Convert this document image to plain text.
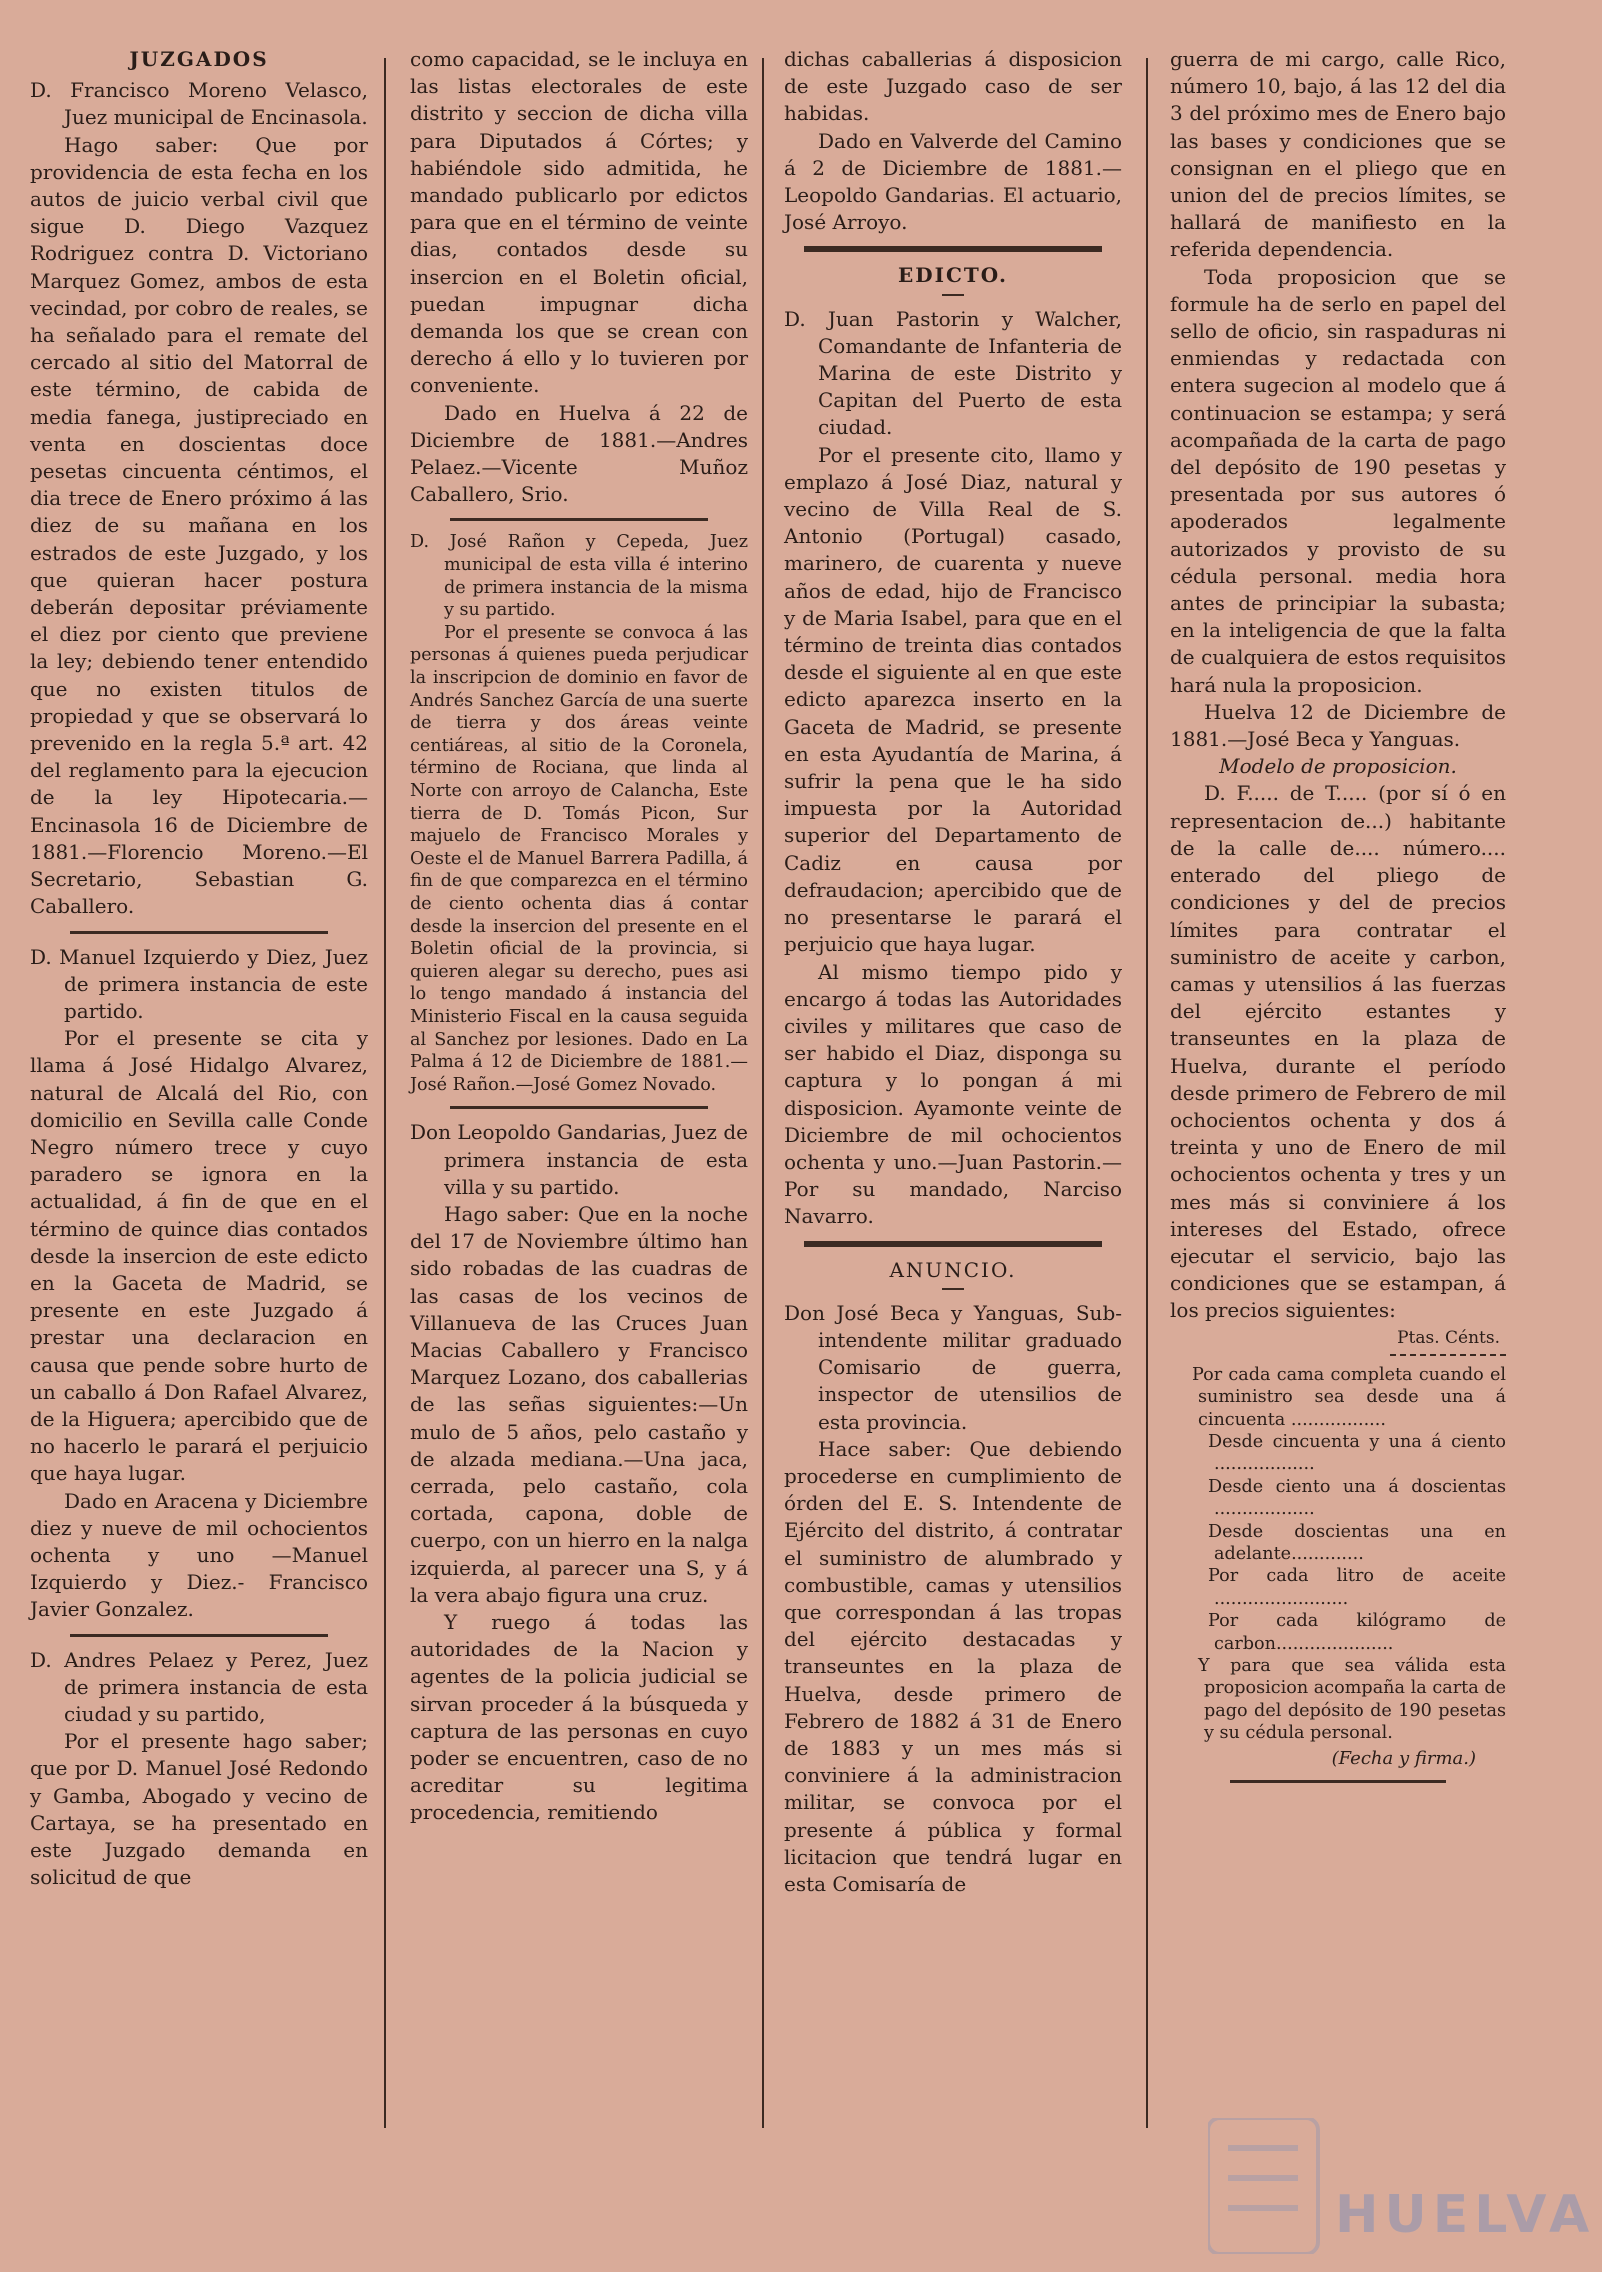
JUZGADOS

D. Francisco Moreno Velasco, Juez municipal de Encinasola.

Hago saber: Que por providencia de esta fecha en los autos de juicio verbal civil que sigue D. Diego Vazquez Rodriguez contra D. Victoriano Marquez Gomez, ambos de esta vecindad, por cobro de reales, se ha señalado para el remate del cercado al sitio del Matorral de este término, de cabida de media fanega, justipreciado en venta en doscientas doce pesetas cincuenta céntimos, el dia trece de Enero próximo á las diez de su mañana en los estrados de este Juzgado, y los que quieran hacer postura deberán depositar préviamente el diez por ciento que previene la ley; debiendo tener entendido que no existen titulos de propiedad y que se observará lo prevenido en la regla 5.ª art. 42 del reglamento para la ejecucion de la ley Hipotecaria.—Encinasola 16 de Diciembre de 1881.—Florencio Moreno.—El Secretario, Sebastian G. Caballero.

D. Manuel Izquierdo y Diez, Juez de primera instancia de este partido.

Por el presente se cita y llama á José Hidalgo Alvarez, natural de Alcalá del Rio, con domicilio en Sevilla calle Conde Negro número trece y cuyo paradero se ignora en la actualidad, á fin de que en el término de quince dias contados desde la insercion de este edicto en la Gaceta de Madrid, se presente en este Juzgado á prestar una declaracion en causa que pende sobre hurto de un caballo á Don Rafael Alvarez, de la Higuera; apercibido que de no hacerlo le parará el perjuicio que haya lugar.

Dado en Aracena y Diciembre diez y nueve de mil ochocientos ochenta y uno —Manuel Izquierdo y Diez.- Francisco Javier Gonzalez.

D. Andres Pelaez y Perez, Juez de primera instancia de esta ciudad y su partido,

Por el presente hago saber; que por D. Manuel José Redondo y Gamba, Abogado y vecino de Cartaya, se ha presentado en este Juzgado demanda en solicitud de que

como capacidad, se le incluya en las listas electorales de este distrito y seccion de dicha villa para Diputados á Córtes; y habiéndole sido admitida, he mandado publicarlo por edictos para que en el término de veinte dias, contados desde su insercion en el Boletin oficial, puedan impugnar dicha demanda los que se crean con derecho á ello y lo tuvieren por conveniente.

Dado en Huelva á 22 de Diciembre de 1881.—Andres Pelaez.—Vicente Muñoz Caballero, Srio.

D. José Rañon y Cepeda, Juez municipal de esta villa é interino de primera instancia de la misma y su partido.

Por el presente se convoca á las personas á quienes pueda perjudicar la inscripcion de dominio en favor de Andrés Sanchez García de una suerte de tierra y dos áreas veinte centiáreas, al sitio de la Coronela, término de Rociana, que linda al Norte con arroyo de Calancha, Este tierra de D. Tomás Picon, Sur majuelo de Francisco Morales y Oeste el de Manuel Barrera Padilla, á fin de que comparezca en el término de ciento ochenta dias á contar desde la insercion del presente en el Boletin oficial de la provincia, si quieren alegar su derecho, pues asi lo tengo mandado á instancia del Ministerio Fiscal en la causa seguida al Sanchez por lesiones. Dado en La Palma á 12 de Diciembre de 1881.—José Rañon.—José Gomez Novado.

Don Leopoldo Gandarias, Juez de primera instancia de esta villa y su partido.

Hago saber: Que en la noche del 17 de Noviembre último han sido robadas de las cuadras de las casas de los vecinos de Villanueva de las Cruces Juan Macias Caballero y Francisco Marquez Lozano, dos caballerias de las señas siguientes:—Un mulo de 5 años, pelo castaño y de alzada mediana.—Una jaca, cerrada, pelo castaño, cola cortada, capona, doble de cuerpo, con un hierro en la nalga izquierda, al parecer una S, y á la vera abajo figura una cruz.

Y ruego á todas las autoridades de la Nacion y agentes de la policia judicial se sirvan proceder á la búsqueda y captura de las personas en cuyo poder se encuentren, caso de no acreditar su legitima procedencia, remitiendo

dichas caballerias á disposicion de este Juzgado caso de ser habidas.

Dado en Valverde del Camino á 2 de Diciembre de 1881.—Leopoldo Gandarias. El actuario, José Arroyo.

EDICTO.

D. Juan Pastorin y Walcher, Comandante de Infanteria de Marina de este Distrito y Capitan del Puerto de esta ciudad.

Por el presente cito, llamo y emplazo á José Diaz, natural y vecino de Villa Real de S. Antonio (Portugal) casado, marinero, de cuarenta y nueve años de edad, hijo de Francisco y de Maria Isabel, para que en el término de treinta dias contados desde el siguiente al en que este edicto aparezca inserto en la Gaceta de Madrid, se presente en esta Ayudantía de Marina, á sufrir la pena que le ha sido impuesta por la Autoridad superior del Departamento de Cadiz en causa por defraudacion; apercibido que de no presentarse le parará el perjuicio que haya lugar.

Al mismo tiempo pido y encargo á todas las Autoridades civiles y militares que caso de ser habido el Diaz, disponga su captura y lo pongan á mi disposicion. Ayamonte veinte de Diciembre de mil ochocientos ochenta y uno.—Juan Pastorin.—Por su mandado, Narciso Navarro.

ANUNCIO.

Don José Beca y Yanguas, Sub-intendente militar graduado Comisario de guerra, inspector de utensilios de esta provincia.

Hace saber: Que debiendo procederse en cumplimiento de órden del E. S. Intendente de Ejército del distrito, á contratar el suministro de alumbrado y combustible, camas y utensilios que correspondan á las tropas del ejército destacadas y transeuntes en la plaza de Huelva, desde primero de Febrero de 1882 á 31 de Enero de 1883 y un mes más si conviniere á la administracion militar, se convoca por el presente á pública y formal licitacion que tendrá lugar en esta Comisaría de

guerra de mi cargo, calle Rico, número 10, bajo, á las 12 del dia 3 del próximo mes de Enero bajo las bases y condiciones que se consignan en el pliego que en union del de precios límites, se hallará de manifiesto en la referida dependencia.

Toda proposicion que se formule ha de serlo en papel del sello de oficio, sin raspaduras ni enmiendas y redactada con entera sugecion al modelo que á continuacion se estampa; y será acompañada de la carta de pago del depósito de 190 pesetas y presentada por sus autores ó apoderados legalmente autorizados y provisto de su cédula personal. media hora antes de principiar la subasta; en la inteligencia de que la falta de cualquiera de estos requisitos hará nula la proposicion.

Huelva 12 de Diciembre de 1881.—José Beca y Yanguas.

Modelo de proposicion.

D. F..... de T..... (por sí ó en representacion de...) habitante de la calle de.... número.... enterado del pliego de condiciones y del de precios límites para contratar el suministro de aceite y carbon, camas y utensilios á las fuerzas del ejército estantes y transeuntes en la plaza de Huelva, durante el período desde primero de Febrero de mil ochocientos ochenta y dos á treinta y uno de Enero de mil ochocientos ochenta y tres y un mes más si conviniere á los intereses del Estado, ofrece ejecutar el servicio, bajo las condiciones que se estampan, á los precios siguientes:

Ptas. Cénts.
Por cada cama completa cuando el suministro sea desde una á cincuenta .................
Desde cincuenta y una á ciento ..................
Desde ciento una á doscientas ..................
Desde doscientas una en adelante.............
Por cada litro de aceite ........................
Por cada kilógramo de carbon.....................
Y para que sea válida esta proposicion acompaña la carta de pago del depósito de 190 pesetas y su cédula personal.
(Fecha y firma.)
HUELVA
